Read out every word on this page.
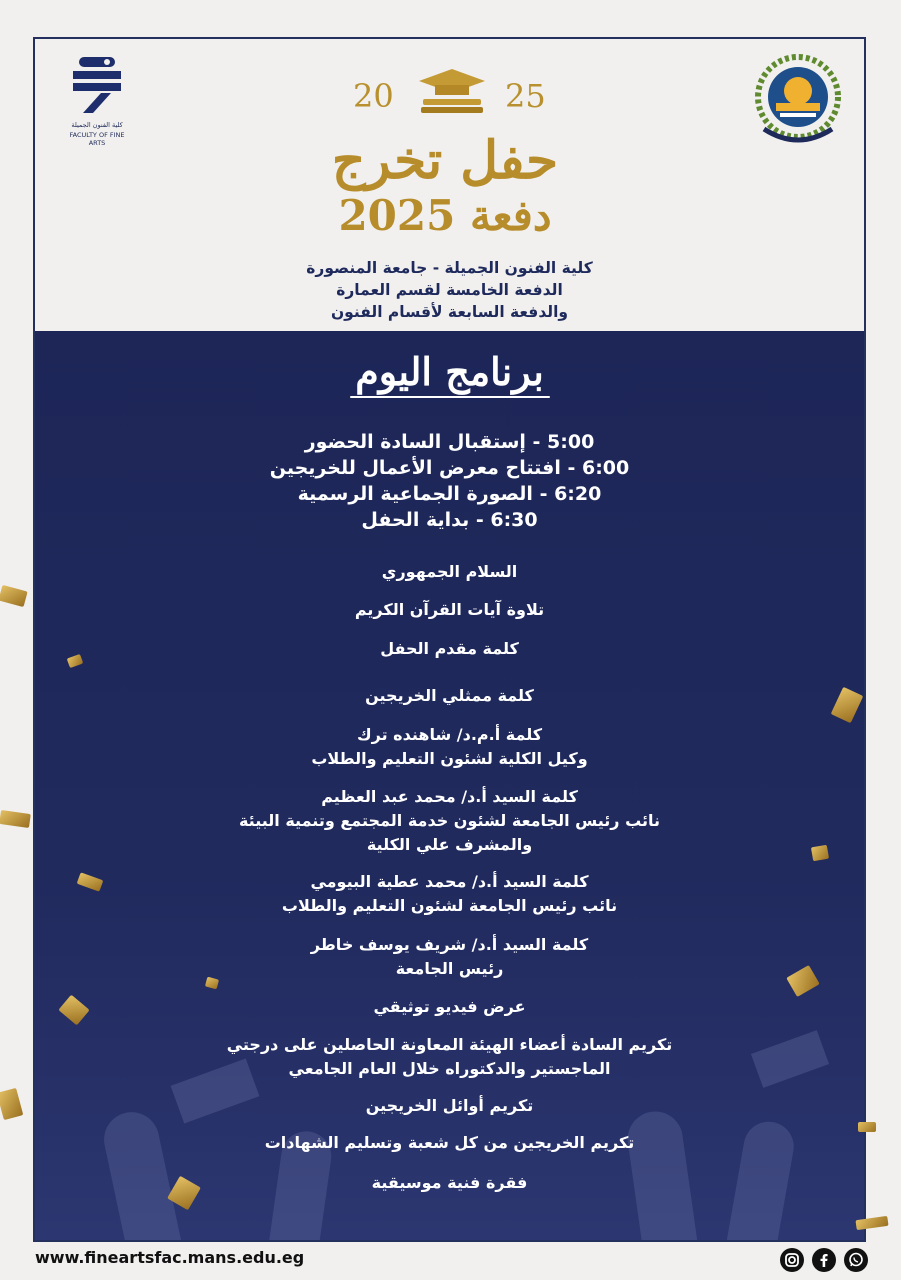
كلية الفنون الجميلة
FACULTY OF FINE ARTS
20	25
حفل تخرج
دفعة 2025
كلية الفنون الجميلة - جامعة المنصورة
الدفعة الخامسة لقسم العمارة
والدفعة السابعة لأقسام الفنون
برنامج اليوم
5:00 - إستقبال السادة الحضور
6:00 - افتتاح معرض الأعمال للخريجين
6:20 - الصورة الجماعية الرسمية
6:30 - بداية الحفل
السلام الجمهوري
تلاوة آيات القرآن الكريم
كلمة مقدم الحفل
كلمة ممثلي الخريجين
كلمة أ.م.د/ شاهنده ترك
وكيل الكلية لشئون التعليم والطلاب
كلمة السيد أ.د/ محمد عبد العظيم
نائب رئيس الجامعة لشئون خدمة المجتمع وتنمية البيئة
والمشرف علي الكلية
كلمة السيد أ.د/ محمد عطية البيومي
نائب رئيس الجامعة لشئون التعليم والطلاب
كلمة السيد أ.د/ شريف يوسف خاطر
رئيس الجامعة
عرض فيديو توثيقي
تكريم السادة أعضاء الهيئة المعاونة الحاصلين على درجتي
الماجستير والدكتوراه خلال العام الجامعي
تكريم أوائل الخريجين
تكريم الخريجين من كل شعبة وتسليم الشهادات
فقرة فنية موسيقية
www.fineartsfac.mans.edu.eg
